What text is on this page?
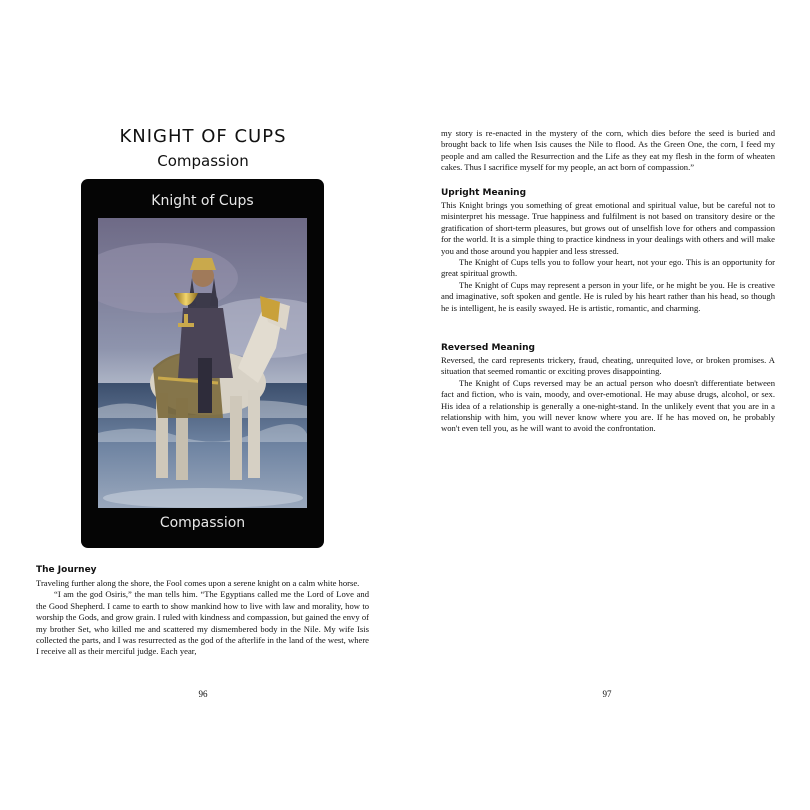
KNIGHT OF CUPS
Compassion
Knight of Cups
Compassion
The Journey

Traveling further along the shore, the Fool comes upon a serene knight on a calm white horse.

“I am the god Osiris,” the man tells him. “The Egyptians called me the Lord of Love and the Good Shepherd. I came to earth to show mankind how to live with law and morality, how to worship the Gods, and grow grain. I ruled with kindness and compassion, but gained the envy of my brother Set, who killed me and scattered my dismembered body in the Nile. My wife Isis collected the parts, and I was resurrected as the god of the afterlife in the land of the west, where I receive all as their merciful judge. Each year,

96

my story is re-enacted in the mystery of the corn, which dies before the seed is buried and brought back to life when Isis causes the Nile to flood. As the Green One, the corn, I feed my people and am called the Resurrection and the Life as they eat my flesh in the form of wheaten cakes. Thus I sacrifice myself for my people, an act born of compassion.”

Upright Meaning

This Knight brings you something of great emotional and spiritual value, but be careful not to misinterpret his message. True happiness and fulfilment is not based on transitory desire or the gratification of short-term pleasures, but grows out of unselfish love for others and compassion for the world. It is a simple thing to practice kindness in your dealings with others and will make you and those around you happier and less stressed.

The Knight of Cups tells you to follow your heart, not your ego. This is an opportunity for great spiritual growth.

The Knight of Cups may represent a person in your life, or he might be you. He is creative and imaginative, soft spoken and gentle. He is ruled by his heart rather than his head, so though he is intelligent, he is easily swayed. He is artistic, romantic, and charming.

Reversed Meaning

Reversed, the card represents trickery, fraud, cheating, unrequited love, or broken promises. A situation that seemed romantic or exciting proves disappointing.

The Knight of Cups reversed may be an actual person who doesn't differentiate between fact and fiction, who is vain, moody, and over-emotional. He may abuse drugs, alcohol, or sex. His idea of a relationship is generally a one-night-stand. In the unlikely event that you are in a relationship with him, you will never know where you are. If he has moved on, he probably won't even tell you, as he will want to avoid the confrontation.

97
